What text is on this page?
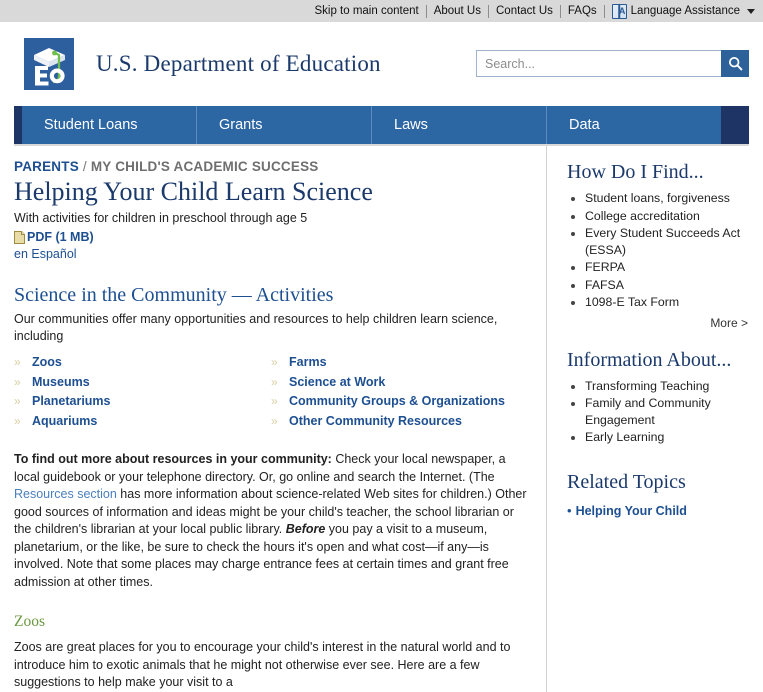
Skip to main content	About Us	Contact Us	FAQs A	Language Assistance
U.S. Department of Education
Search...
Student Loans	Grants	Laws	Data
PARENTS / MY CHILD'S ACADEMIC SUCCESS
Helping Your Child Learn Science

With activities for children in preschool through age 5

PDF (1 MB)
en Español
Science in the Community — Activities

Our communities offer many opportunities and resources to help children learn science, including

» Zoos
» Museums
» Planetariums
» Aquariums
» Farms
» Science at Work
» Community Groups & Organizations
» Other Community Resources

To find out more about resources in your community: Check your local newspaper, a local guidebook or your telephone directory. Or, go online and search the Internet. (The Resources section has more information about science-related Web sites for children.) Other good sources of information and ideas might be your child's teacher, the school librarian or the children's librarian at your local public library. Before you pay a visit to a museum, planetarium, or the like, be sure to check the hours it's open and what cost—if any—is involved. Note that some places may charge entrance fees at certain times and grant free admission at other times.

Zoos

Zoos are great places for you to encourage your child's interest in the natural world and to introduce him to exotic animals that he might not otherwise ever see. Here are a few suggestions to help make your visit to a

How Do I Find...
• Student loans, forgiveness
• College accreditation
• Every Student Succeeds Act (ESSA)
• FERPA
• FAFSA
• 1098-E Tax Form
More >
Information About...
• Transforming Teaching
• Family and Community Engagement
• Early Learning
Related Topics
• Helping Your Child
